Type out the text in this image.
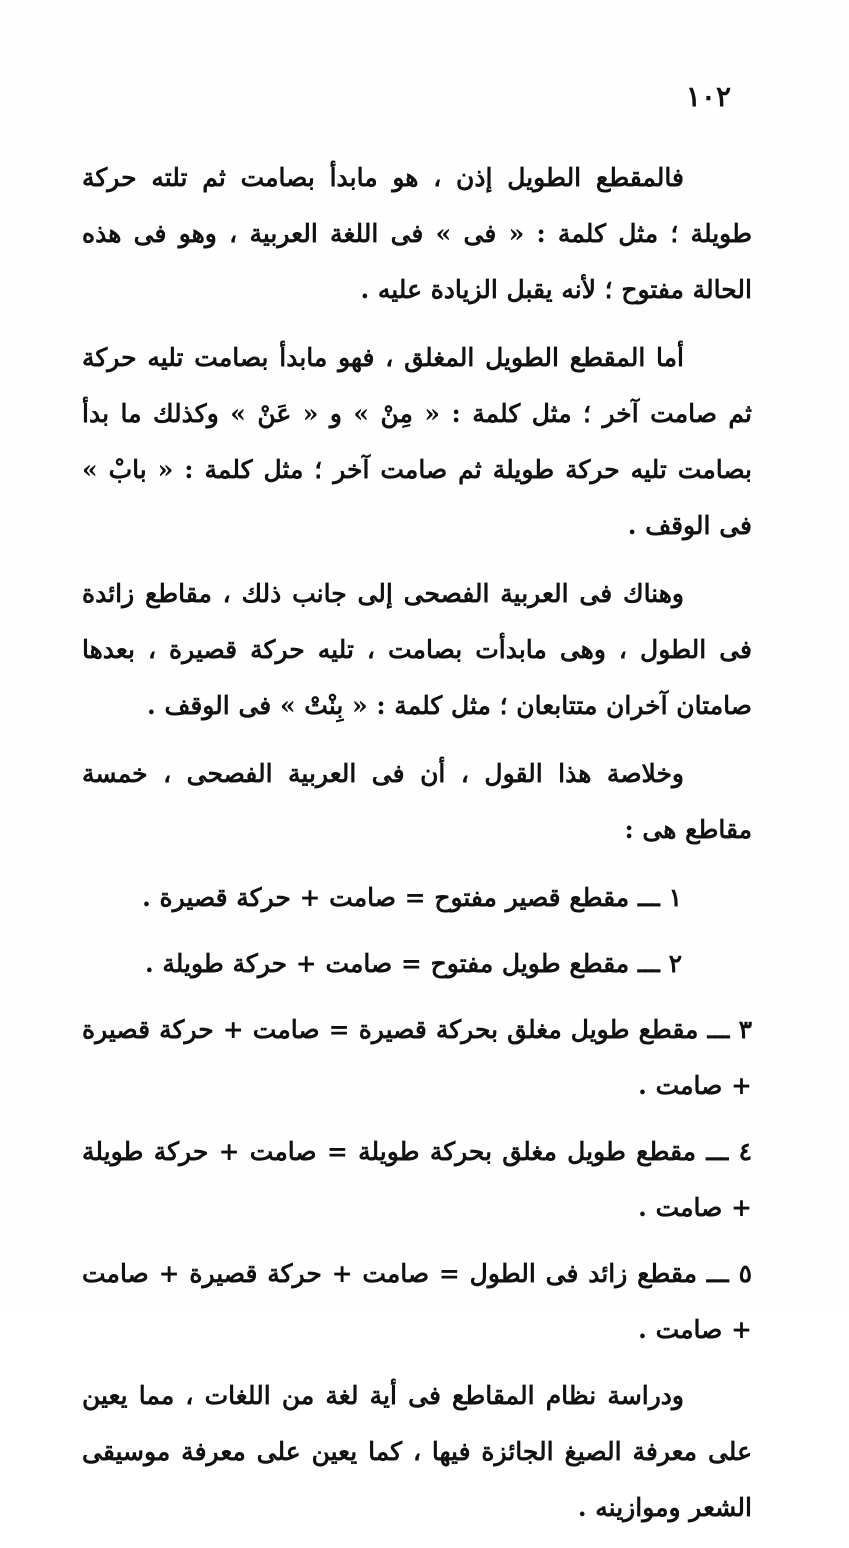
١٠٢

فالمقطع الطويل إذن ، هو مابدأ بصامت ثم تلته حركة طويلة ؛ مثل كلمة : « فى » فى اللغة العربية ، وهو فى هذه الحالة مفتوح ؛ لأنه يقبل الزيادة عليه .

أما المقطع الطويل المغلق ، فهو مابدأ بصامت تليه حركة ثم صامت آخر ؛ مثل كلمة : « مِنْ » و « عَنْ » وكذلك ما بدأ بصامت تليه حركة طويلة ثم صامت آخر ؛ مثل كلمة : « بابْ » فى الوقف .

وهناك فى العربية الفصحى إلى جانب ذلك ، مقاطع زائدة فى الطول ، وهى مابدأت بصامت ، تليه حركة قصيرة ، بعدها صامتان آخران متتابعان ؛ مثل كلمة : « بِنْتْ » فى الوقف .

وخلاصة هذا القول ، أن فى العربية الفصحى ، خمسة مقاطع هى :

١ ـــ مقطع قصير مفتوح = صامت + حركة قصيرة .

٢ ـــ مقطع طويل مفتوح = صامت + حركة طويلة .

٣ ـــ مقطع طويل مغلق بحركة قصيرة = صامت + حركة قصيرة + صامت .

٤ ـــ مقطع طويل مغلق بحركة طويلة = صامت + حركة طويلة + صامت .

٥ ـــ مقطع زائد فى الطول = صامت + حركة قصيرة + صامت + صامت .

ودراسة نظام المقاطع فى أية لغة من اللغات ، مما يعين على معرفة الصيغ الجائزة فيها ، كما يعين على معرفة موسيقى الشعر وموازينه .
